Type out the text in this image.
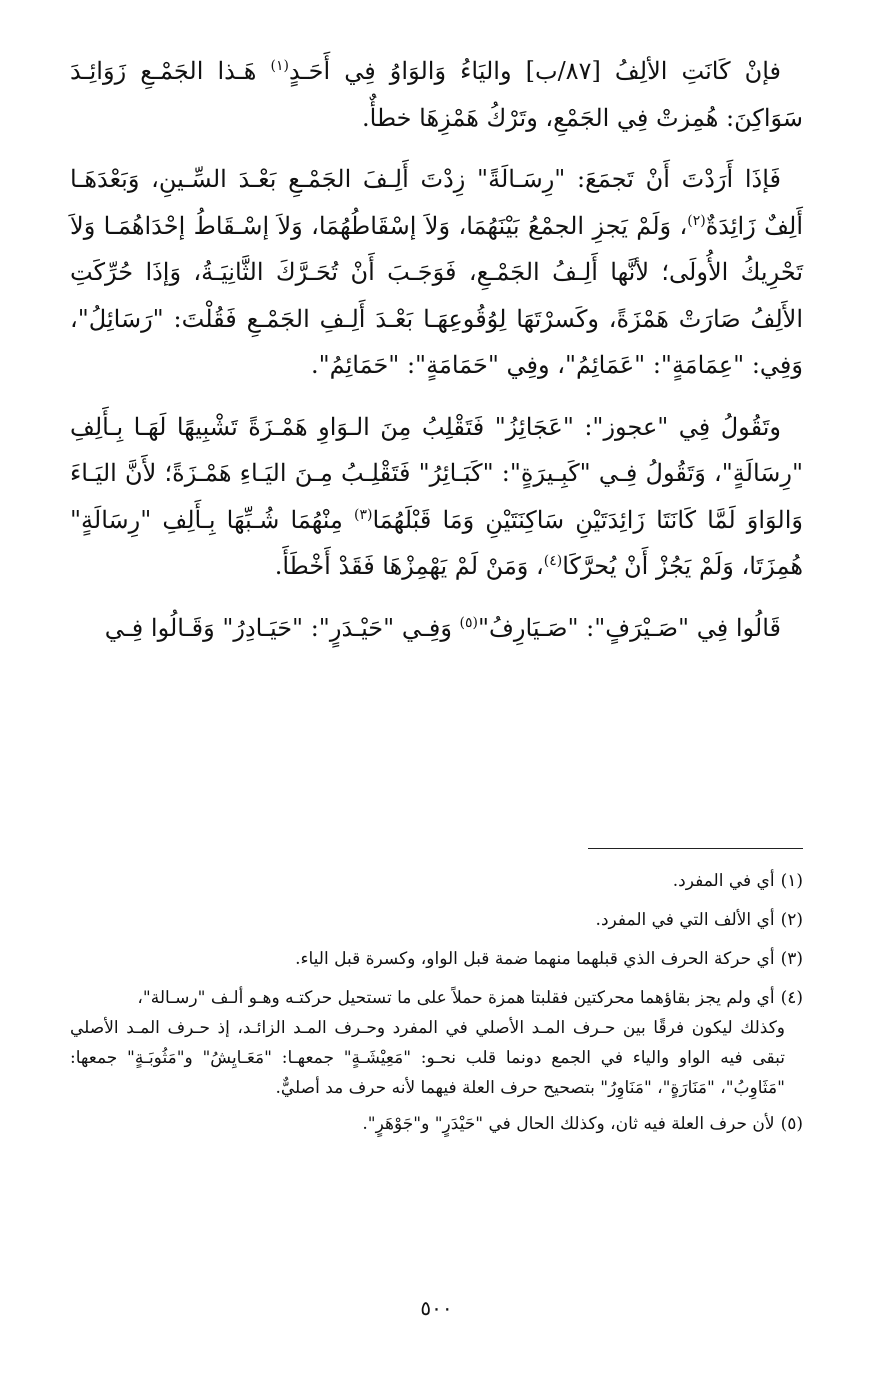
فإنْ كَانَتِ الألِفُ [٨٧/ب] واليَاءُ وَالوَاوُ فِي أَحَـدٍ$^{(١)}$ هَـذا الجَمْـعِ زَوَائِـدَ سَوَاكِنَ: هُمِزتْ فِي الجَمْعِ، وتَرْكُ هَمْزِهَا خطأٌ.

فَإذَا أَرَدْتَ أَنْ تَجمَعَ: "رِسَـالَةً" زِدْتَ أَلِـفَ الجَمْـعِ بَعْـدَ السِّـينِ، وَبَعْدَهَـا أَلِفٌ زَائِدَةٌ$^{(٢)}$، وَلَمْ يَجزِ الجمْعُ بَيْنَهُمَا، وَلاَ إسْقَاطُهُمَا، وَلاَ إسْـقَاطُ إحْدَاهُمَـا وَلاَ تَحْرِيكُ الأُولَى؛ لأنَّها أَلِـفُ الجَمْـعِ، فَوَجَـبَ أَنْ تُحَـرَّكَ الثَّانِيَـةُ، وَإذَا حُرِّكَتِ الأَلِفُ صَارَتْ هَمْزَةً، وكَسرْتَهَا لِوُقُوعِهَـا بَعْـدَ أَلِـفِ الجَمْـعِ فَقُلْتَ: "رَسَائِلُ"، وَفِي: "عِمَامَةٍ": "عَمَائِمُ"، وفِي "حَمَامَةٍ": "حَمَائِمُ".

وتَقُولُ فِي "عجوز": "عَجَائِزُ" فَتَقْلِبُ مِنَ الـوَاوِ هَمْـزَةً تَشْبِيهًا لَهَـا بِـأَلِفِ "رِسَالَةٍ"، وَتَقُولُ فِـي "كَبِـيرَةٍ": "كَبَـائِرُ" فَتَقْلِـبُ مِـنَ اليَـاءِ هَمْـزَةً؛ لأَنَّ اليَـاءَ وَالوَاوَ لَمَّا كَانَتَا زَائِدَتَيْنِ سَاكِنَتَيْنِ وَمَا قَبْلَهُمَا$^{(٣)}$ مِنْهُمَا شُـبِّهَا بِـأَلِفِ "رِسَالَةٍ" هُمِزَتَا، وَلَمْ يَجُزْ أَنْ يُحرَّكَا$^{(٤)}$، وَمَنْ لَمْ يَهْمِزْهَا فَقَدْ أَخْطَأَ.

قَالُوا فِي "صَـيْرَفٍ": "صَـيَارِفُ"$^{(٥)}$ وَفِـي "حَيْـدَرٍ": "حَيَـادِرُ" وَقَـالُوا فِـي

(١)أي في المفرد.

(٢)أي الألف التي في المفرد.

(٣)أي حركة الحرف الذي قبلهما منهما ضمة قبل الواو، وكسرة قبل الياء.

(٤)أي ولم يجز بقاؤهما محركتين فقلبتا همزة حملاً على ما تستحيل حركتـه وهـو ألـف "رسـالة"،
وكذلك ليكون فرقًا بين حـرف المـد الأصلي في المفرد وحـرف المـد الزائـد، إذ حـرف المـد الأصلي تبقى فيه الواو والياء في الجمع دونما قلب نحـو: "مَعِيْشَـةٍ" جمعهـا: "مَعَـايِشُ" و"مَثُوبَـةٍ" جمعها: "مَثَاوِبُ"، "مَنَارَةٍ"، "مَنَاوِرُ" بتصحيح حرف العلة فيهما لأنه حرف مد أصليٌّ.

(٥)لأن حرف العلة فيه ثان، وكذلك الحال في "حَيْدَرٍ" و"جَوْهَرٍ".

٥٠٠
